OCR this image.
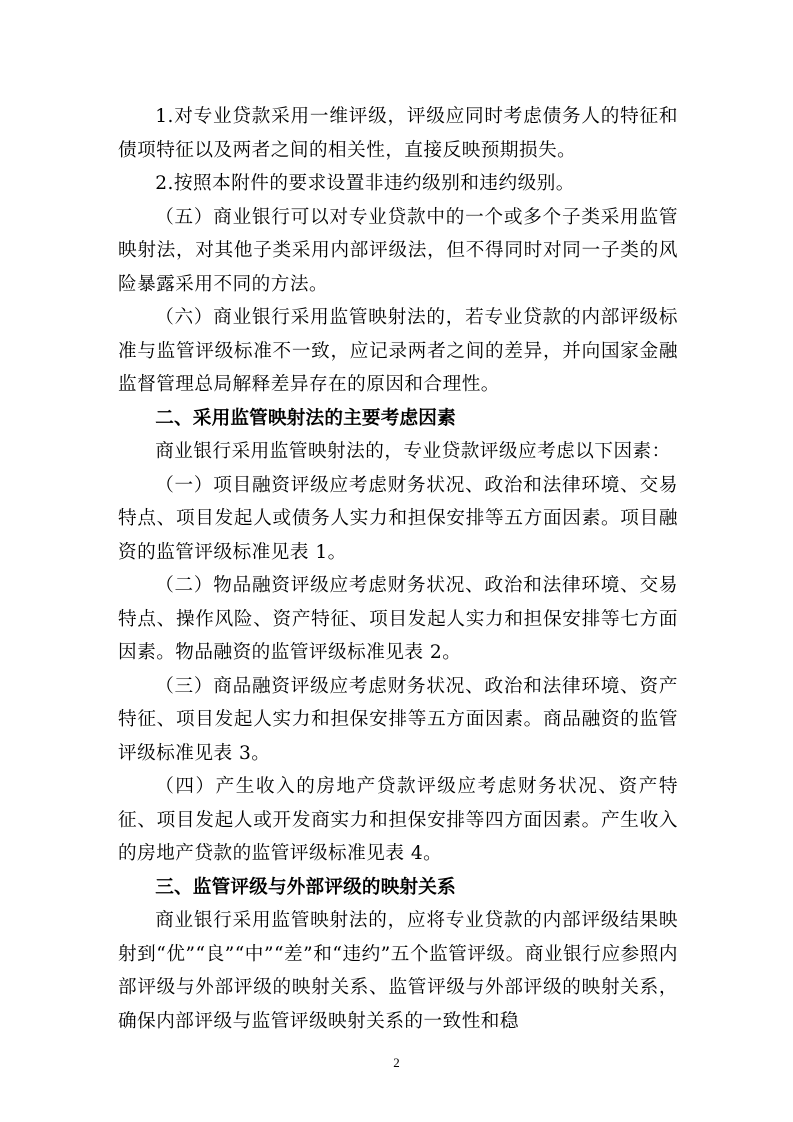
1.对专业贷款采用一维评级，评级应同时考虑债务人的特征和债项特征以及两者之间的相关性，直接反映预期损失。

2.按照本附件的要求设置非违约级别和违约级别。

（五）商业银行可以对专业贷款中的一个或多个子类采用监管映射法，对其他子类采用内部评级法，但不得同时对同一子类的风险暴露采用不同的方法。

（六）商业银行采用监管映射法的，若专业贷款的内部评级标准与监管评级标准不一致，应记录两者之间的差异，并向国家金融监督管理总局解释差异存在的原因和合理性。

二、采用监管映射法的主要考虑因素

商业银行采用监管映射法的，专业贷款评级应考虑以下因素：

（一）项目融资评级应考虑财务状况、政治和法律环境、交易特点、项目发起人或债务人实力和担保安排等五方面因素。项目融资的监管评级标准见表 1。

（二）物品融资评级应考虑财务状况、政治和法律环境、交易特点、操作风险、资产特征、项目发起人实力和担保安排等七方面因素。物品融资的监管评级标准见表 2。

（三）商品融资评级应考虑财务状况、政治和法律环境、资产特征、项目发起人实力和担保安排等五方面因素。商品融资的监管评级标准见表 3。

（四）产生收入的房地产贷款评级应考虑财务状况、资产特征、项目发起人或开发商实力和担保安排等四方面因素。产生收入的房地产贷款的监管评级标准见表 4。

三、监管评级与外部评级的映射关系

商业银行采用监管映射法的，应将专业贷款的内部评级结果映射到“优”“良”“中”“差”和“违约”五个监管评级。商业银行应参照内部评级与外部评级的映射关系、监管评级与外部评级的映射关系，确保内部评级与监管评级映射关系的一致性和稳

2
